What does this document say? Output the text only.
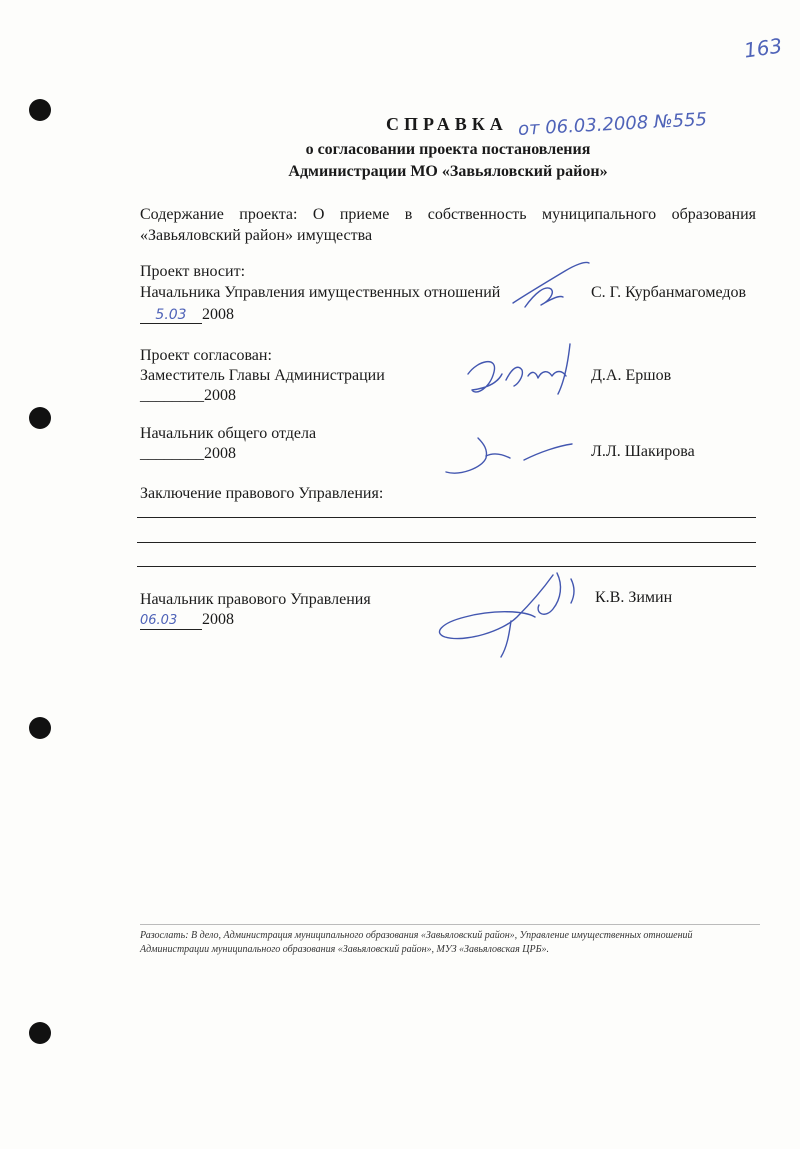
163
СПРАВКА от 06.03.2008 №555
о согласовании проекта постановления
Администрации МО «Завьяловский район»
Содержание проекта: О приеме в собственность муниципального образования «Завьяловский район» имущества
Проект вносит:
Начальника Управления имущественных отношений	С. Г. Курбанмагомедов
5.03 2008
Проект согласован:
Заместитель Главы Администрации	Д.А. Ершов
________2008
Начальник общего отдела
Л.Л. Шакирова
________2008
Заключение правового Управления:
Начальник правового Управления	К.В. Зимин
06.03 2008
Разослать: В дело, Администрация муниципального образования «Завьяловский район», Управление имущественных отношений
Администрации муниципального образования «Завьяловский район», МУЗ «Завьяловская ЦРБ».
